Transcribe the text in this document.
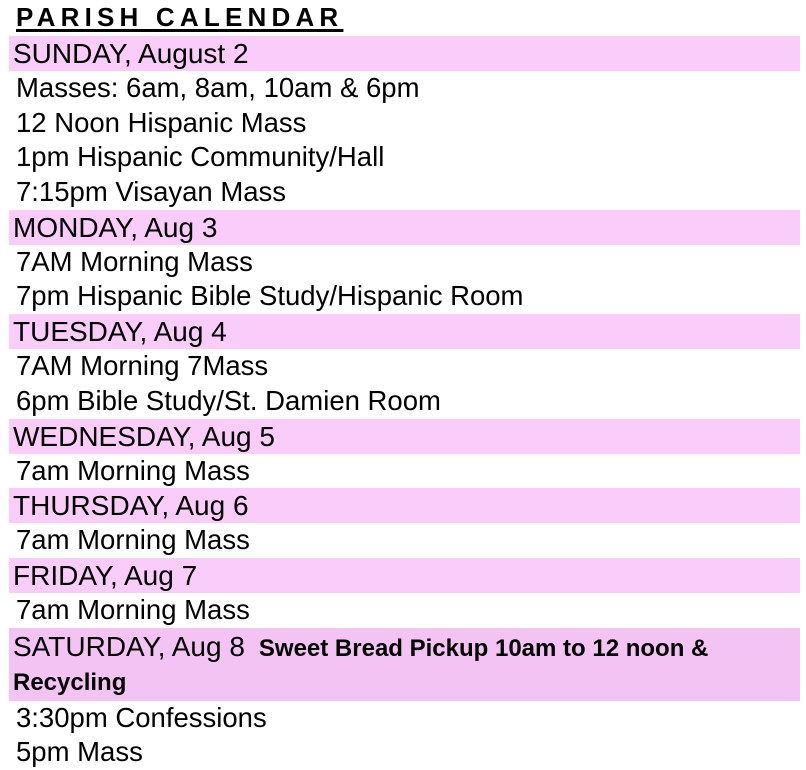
PARISH CALENDAR
SUNDAY, August 2
Masses: 6am, 8am, 10am & 6pm
12 Noon Hispanic Mass
1pm Hispanic Community/Hall
7:15pm Visayan Mass
MONDAY, Aug 3
7AM Morning Mass
7pm Hispanic Bible Study/Hispanic Room
TUESDAY, Aug 4
7AM Morning 7Mass
6pm Bible Study/St. Damien Room
WEDNESDAY, Aug 5
7am Morning Mass
THURSDAY, Aug 6
7am Morning Mass
FRIDAY, Aug 7
7am Morning Mass
SATURDAY, Aug 8 Sweet Bread Pickup 10am to 12 noon & Recycling
3:30pm Confessions
5pm Mass
